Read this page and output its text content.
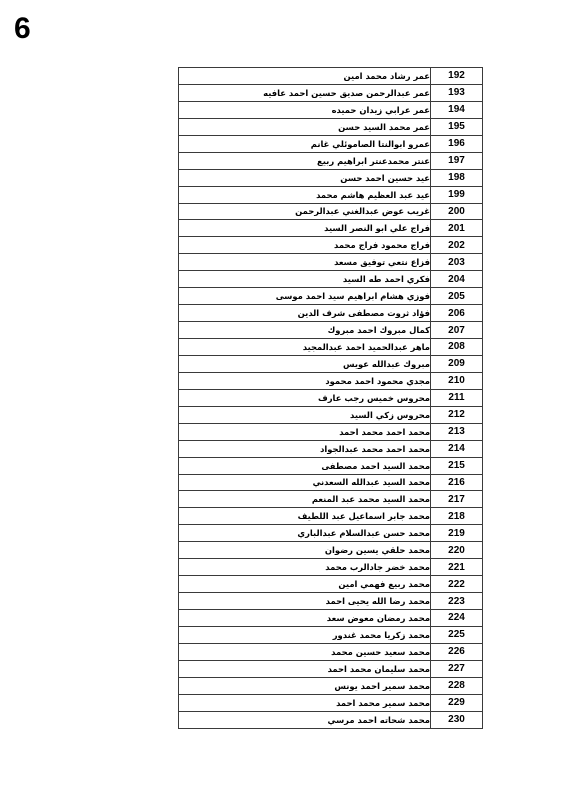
6
عمر رشاد محمد امين	192
عمر عبدالرحمن صديق حسين احمد عافيه	193
عمر عرابي زيدان حميده	194
عمر محمد السيد حسن	195
عمرو ابوالنتا الصاموئلي غانم	196
عنتر محمدعنتر ابراهيم ربيع	197
عيد حسين احمد حسن	198
عيد عبد العظيم هاشم محمد	199
غريب عوض عبدالغني عبدالرحمن	200
فراج علي ابو النصر السيد	201
فراج محمود فراج محمد	202
فزاع نتعي توفيق مسعد	203
فكري احمد طه السيد	204
فوزي هشام ابراهيم سيد احمد موسى	205
فؤاد ثروت مصطفى شرف الدين	206
كمال مبروك احمد مبروك	207
ماهر عبدالحميد احمد عبدالمجيد	208
مبروك عبدالله عويس	209
مجدي محمود احمد محمود	210
محروس خميس رجب عارف	211
محروس زكي السيد	212
محمد احمد محمد احمد	213
محمد احمد محمد عبدالجواد	214
محمد السيد احمد مصطفى	215
محمد السيد عبدالله السعدني	216
محمد السيد محمد عبد المنعم	217
محمد جابر اسماعيل عبد اللطيف	218
محمد حسن عبدالسلام عبدالباري	219
محمد حلقي يسين رضوان	220
محمد خضر جادالرب محمد	221
محمد ربيع فهمي امين	222
محمد رضا الله يحيى احمد	223
محمد رمضان معوض سعد	224
محمد زكريا محمد غندور	225
محمد سعيد حسين محمد	226
محمد سليمان محمد احمد	227
محمد سمير احمد يونس	228
محمد سمير محمد احمد	229
محمد شحاته احمد مرسي	230
